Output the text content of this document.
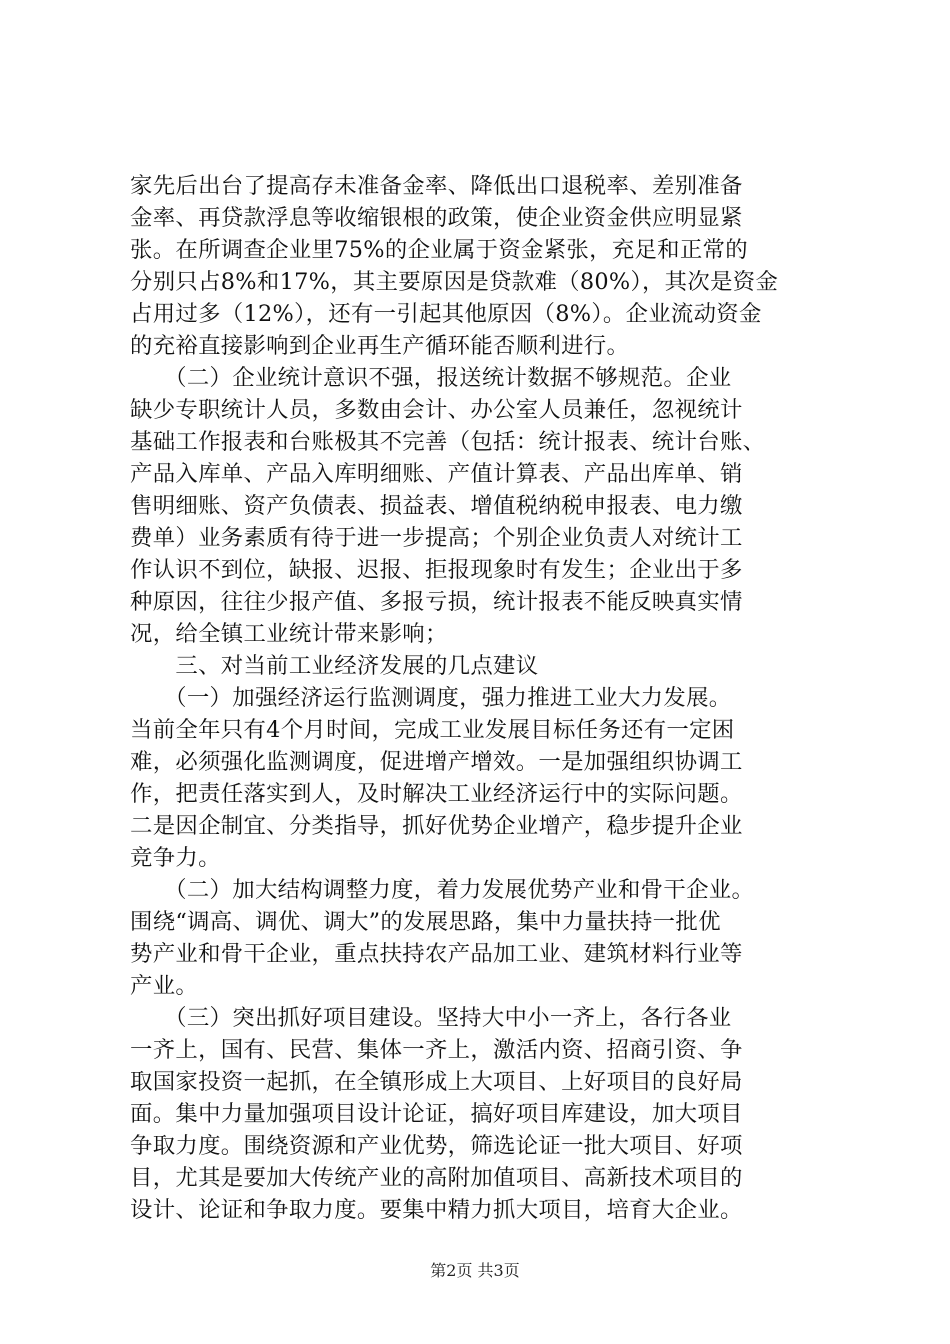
家先后出台了提高存未准备金率、降低出口退税率、差别准备
金率、再贷款浮息等收缩银根的政策，使企业资金供应明显紧
张。在所调查企业里75%的企业属于资金紧张，充足和正常的
分别只占8%和17%，其主要原因是贷款难（80%），其次是资金
占用过多（12%），还有一引起其他原因（8%）。企业流动资金
的充裕直接影响到企业再生产循环能否顺利进行。
　　（二）企业统计意识不强，报送统计数据不够规范。企业
缺少专职统计人员，多数由会计、办公室人员兼任，忽视统计
基础工作报表和台账极其不完善（包括：统计报表、统计台账、
产品入库单、产品入库明细账、产值计算表、产品出库单、销
售明细账、资产负债表、损益表、增值税纳税申报表、电力缴
费单）业务素质有待于进一步提高；个别企业负责人对统计工
作认识不到位，缺报、迟报、拒报现象时有发生；企业出于多
种原因，往往少报产值、多报亏损，统计报表不能反映真实情
况，给全镇工业统计带来影响；
　　三、对当前工业经济发展的几点建议
　　（一）加强经济运行监测调度，强力推进工业大力发展。
当前全年只有4个月时间，完成工业发展目标任务还有一定困
难，必须强化监测调度，促进增产增效。一是加强组织协调工
作，把责任落实到人，及时解决工业经济运行中的实际问题。
二是因企制宜、分类指导，抓好优势企业增产，稳步提升企业
竞争力。
　　（二）加大结构调整力度，着力发展优势产业和骨干企业。
围绕“调高、调优、调大”的发展思路，集中力量扶持一批优
势产业和骨干企业，重点扶持农产品加工业、建筑材料行业等
产业。
　　（三）突出抓好项目建设。坚持大中小一齐上，各行各业
一齐上，国有、民营、集体一齐上，激活内资、招商引资、争
取国家投资一起抓，在全镇形成上大项目、上好项目的良好局
面。集中力量加强项目设计论证，搞好项目库建设，加大项目
争取力度。围绕资源和产业优势，筛选论证一批大项目、好项
目，尤其是要加大传统产业的高附加值项目、高新技术项目的
设计、论证和争取力度。要集中精力抓大项目，培育大企业。
第2页 共3页
